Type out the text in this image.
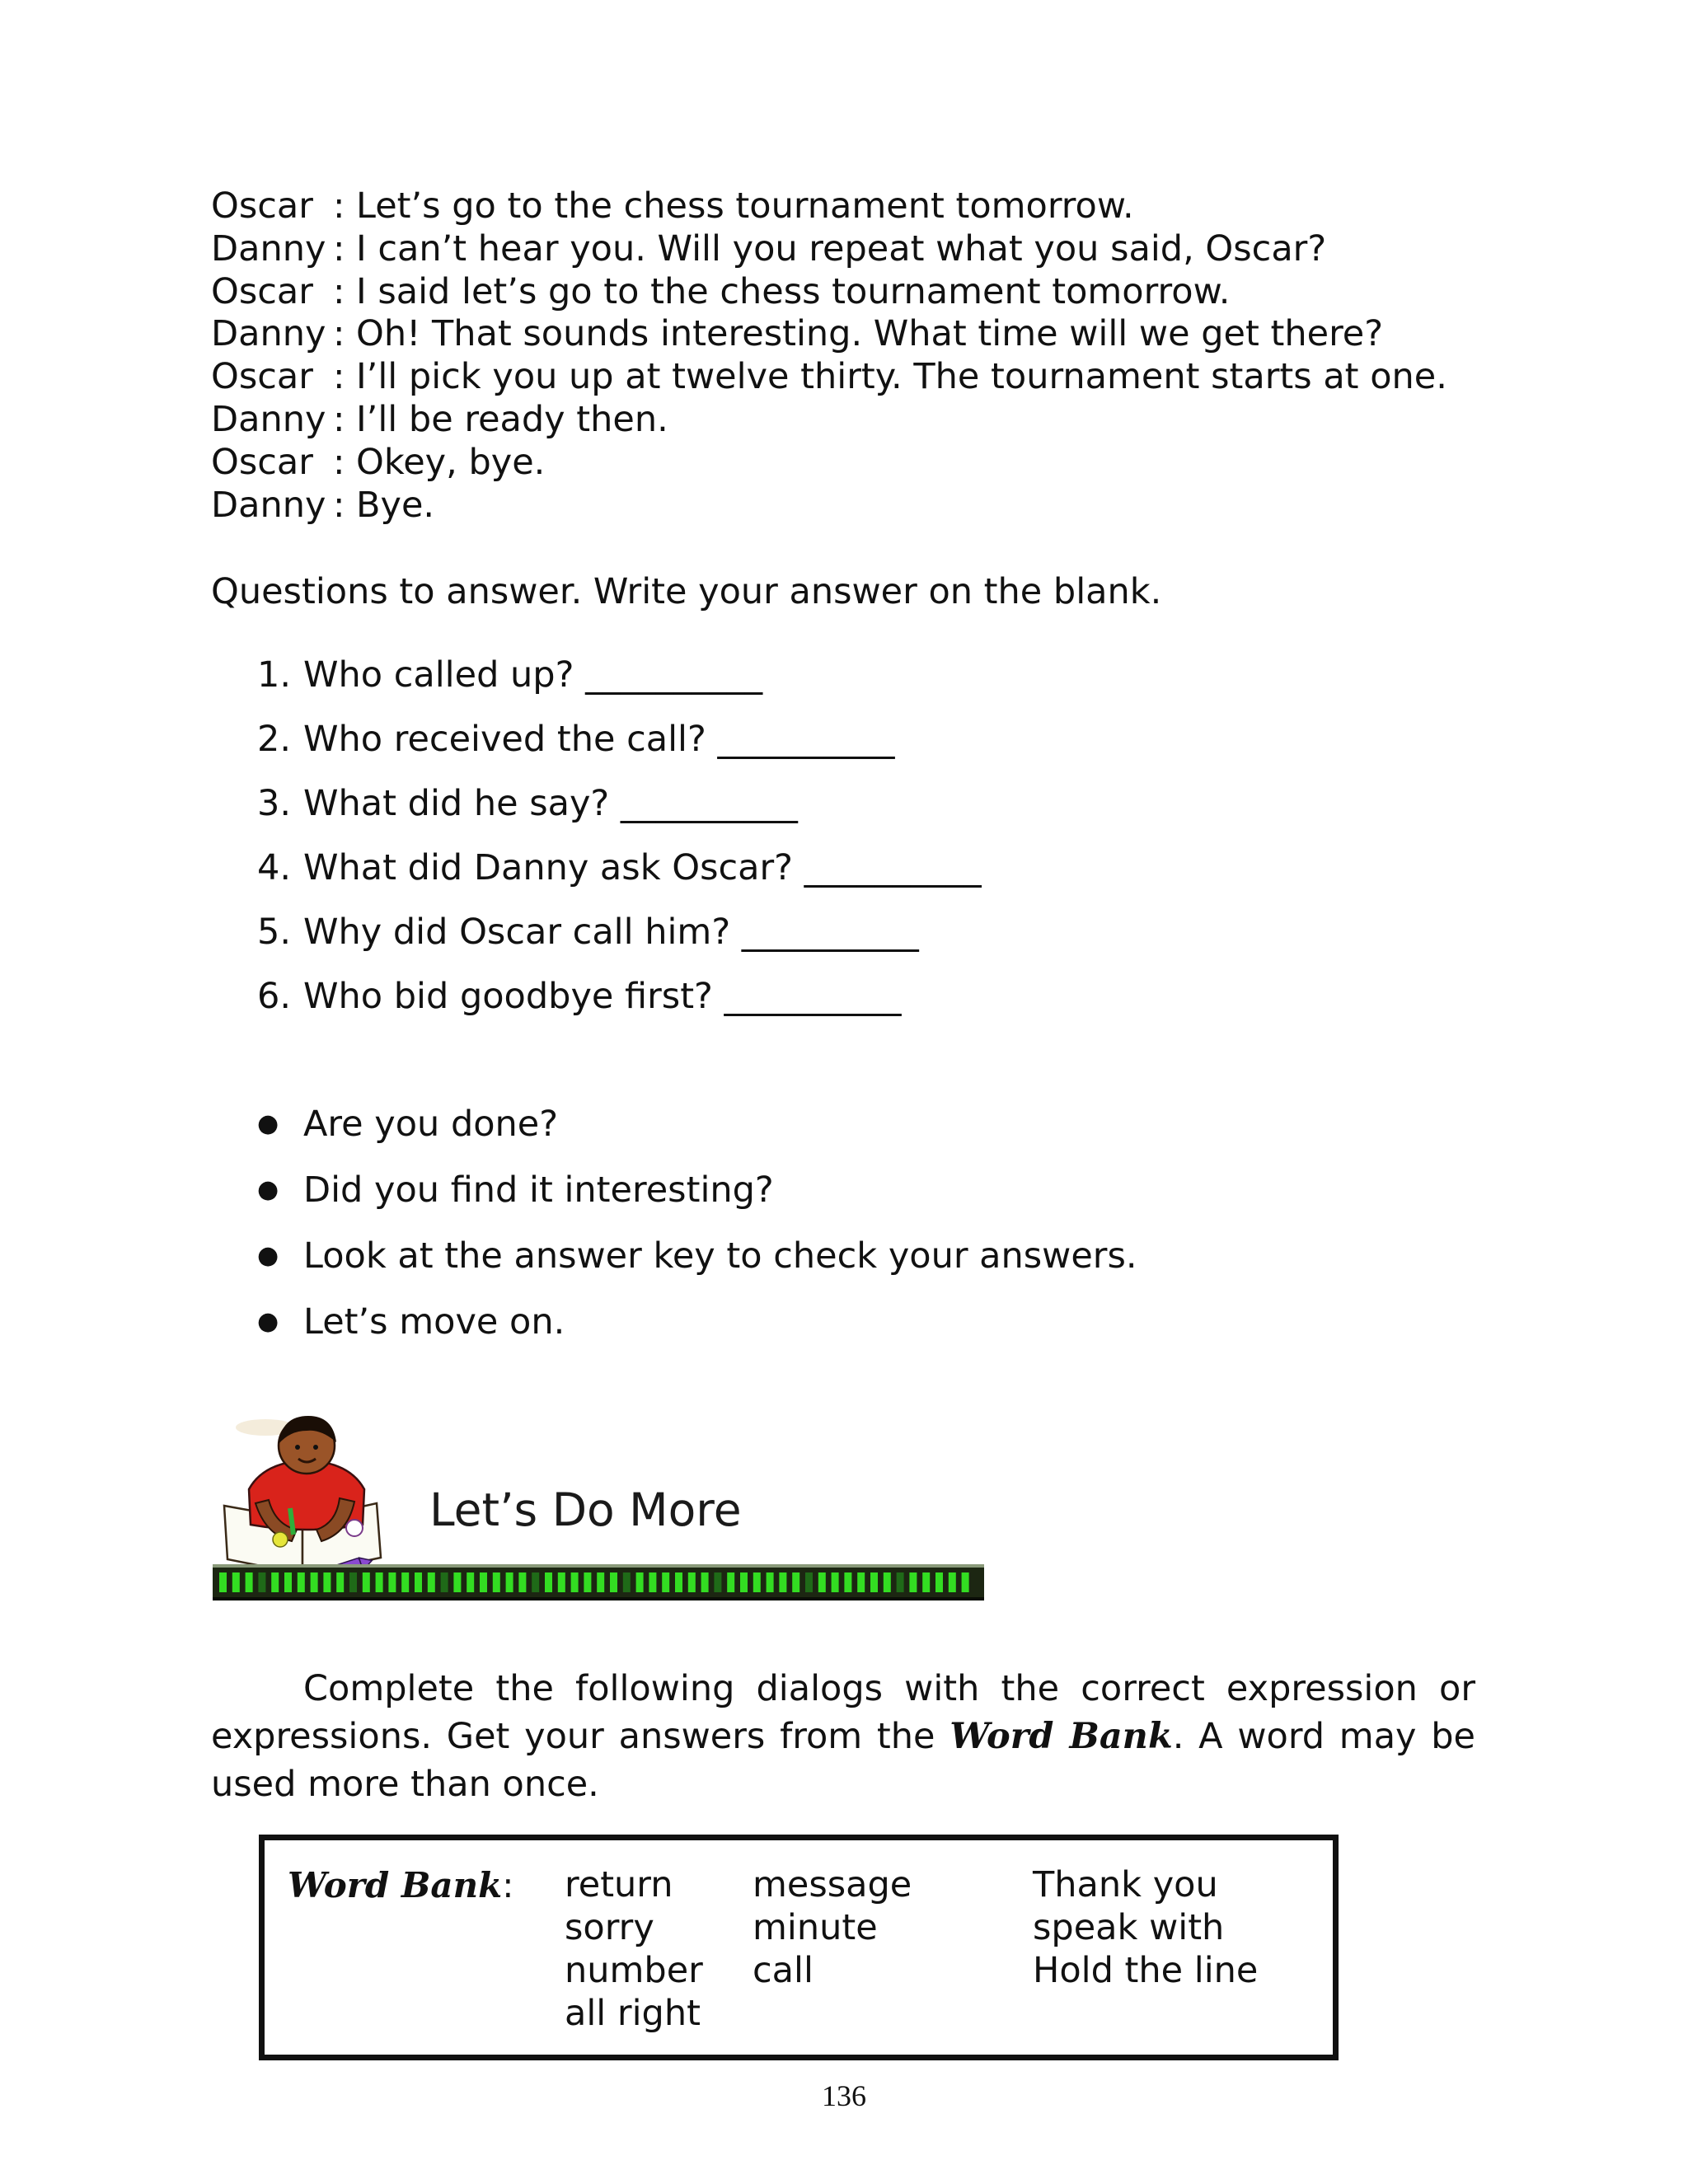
Oscar : Let’s go to the chess tournament tomorrow.
Danny : I can’t hear you. Will you repeat what you said, Oscar?
Oscar : I said let’s go to the chess tournament tomorrow.
Danny : Oh! That sounds interesting. What time will we get there?
Oscar : I’ll pick you up at twelve thirty. The tournament starts at one.
Danny : I’ll be ready then.
Oscar : Okey, bye.
Danny : Bye.
Questions to answer. Write your answer on the blank.
1. Who called up? __________
2. Who received the call? __________
3. What did he say? __________
4. What did Danny ask Oscar? __________
5. Why did Oscar call him? __________
6. Who bid goodbye first? __________
● Are you done?
● Did you find it interesting?
● Look at the answer key to check your answers.
● Let’s move on.
Let’s Do More

Complete the following dialogs with the correct expression or expressions. Get your answers from the Word Bank. A word may be used more than once.

Word Bank: return
sorry
number
all right
message
minute
call
Thank you
speak with
Hold the line
136
